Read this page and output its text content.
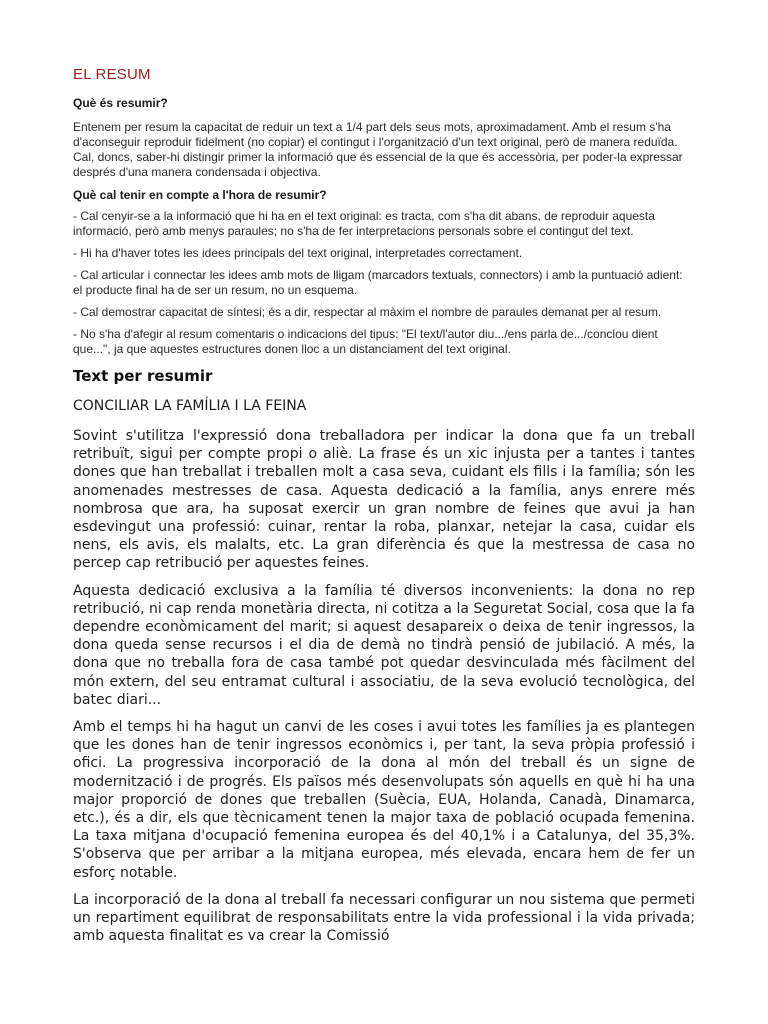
EL RESUM

Què és resumir?

Entenem per resum la capacitat de reduir un text a 1/4 part dels seus mots, aproximadament. Amb el resum s'ha d'aconseguir reproduir fidelment (no copiar) el contingut i l'organització d'un text original, però de manera reduïda. Cal, doncs, saber-hi distingir primer la informació que és essencial de la que és accessòria, per poder-la expressar després d'una manera condensada i objectiva.

Què cal tenir en compte a l'hora de resumir?

- Cal cenyir-se a la informació que hi ha en el text original: es tracta, com s'ha dit abans, de reproduir aquesta informació, però amb menys paraules; no s'ha de fer interpretacions personals sobre el contingut del text.

- Hi ha d'haver totes les idees principals del text original, interpretades correctament.

- Cal articular i connectar les idees amb mots de lligam (marcadors textuals, connectors) i amb la puntuació adient: el producte final ha de ser un resum, no un esquema.

- Cal demostrar capacitat de síntesi; és a dir, respectar al màxim el nombre de paraules demanat per al resum.

- No s'ha d'afegir al resum comentaris o indicacions del tipus: "El text/l'autor diu.../ens parla de.../conclou dient que...", ja que aquestes estructures donen lloc a un distanciament del text original.

Text per resumir
CONCILIAR LA FAMÍLIA I LA FEINA

Sovint s'utilitza l'expressió dona treballadora per indicar la dona que fa un treball retribuït, sigui per compte propi o aliè. La frase és un xic injusta per a tantes i tantes dones que han treballat i treballen molt a casa seva, cuidant els fills i la família; són les anomenades mestresses de casa. Aquesta dedicació a la família, anys enrere més nombrosa que ara, ha suposat exercir un gran nombre de feines que avui ja han esdevingut una professió: cuinar, rentar la roba, planxar, netejar la casa, cuidar els nens, els avis, els malalts, etc. La gran diferència és que la mestressa de casa no percep cap retribució per aquestes feines.

Aquesta dedicació exclusiva a la família té diversos inconvenients: la dona no rep retribució, ni cap renda monetària directa, ni cotitza a la Seguretat Social, cosa que la fa dependre econòmicament del marit; si aquest desapareix o deixa de tenir ingressos, la dona queda sense recursos i el dia de demà no tindrà pensió de jubilació. A més, la dona que no treballa fora de casa també pot quedar desvinculada més fàcilment del món extern, del seu entramat cultural i associatiu, de la seva evolució tecnològica, del batec diari...

Amb el temps hi ha hagut un canvi de les coses i avui totes les famílies ja es plantegen que les dones han de tenir ingressos econòmics i, per tant, la seva pròpia professió i ofici. La progressiva incorporació de la dona al món del treball és un signe de modernització i de progrés. Els països més desenvolupats són aquells en què hi ha una major proporció de dones que treballen (Suècia, EUA, Holanda, Canadà, Dinamarca, etc.), és a dir, els que tècnicament tenen la major taxa de població ocupada femenina. La taxa mitjana d'ocupació femenina europea és del 40,1% i a Catalunya, del 35,3%. S'observa que per arribar a la mitjana europea, més elevada, encara hem de fer un esforç notable.

La incorporació de la dona al treball fa necessari configurar un nou sistema que permeti un repartiment equilibrat de responsabilitats entre la vida professional i la vida privada; amb aquesta finalitat es va crear la Comissió
